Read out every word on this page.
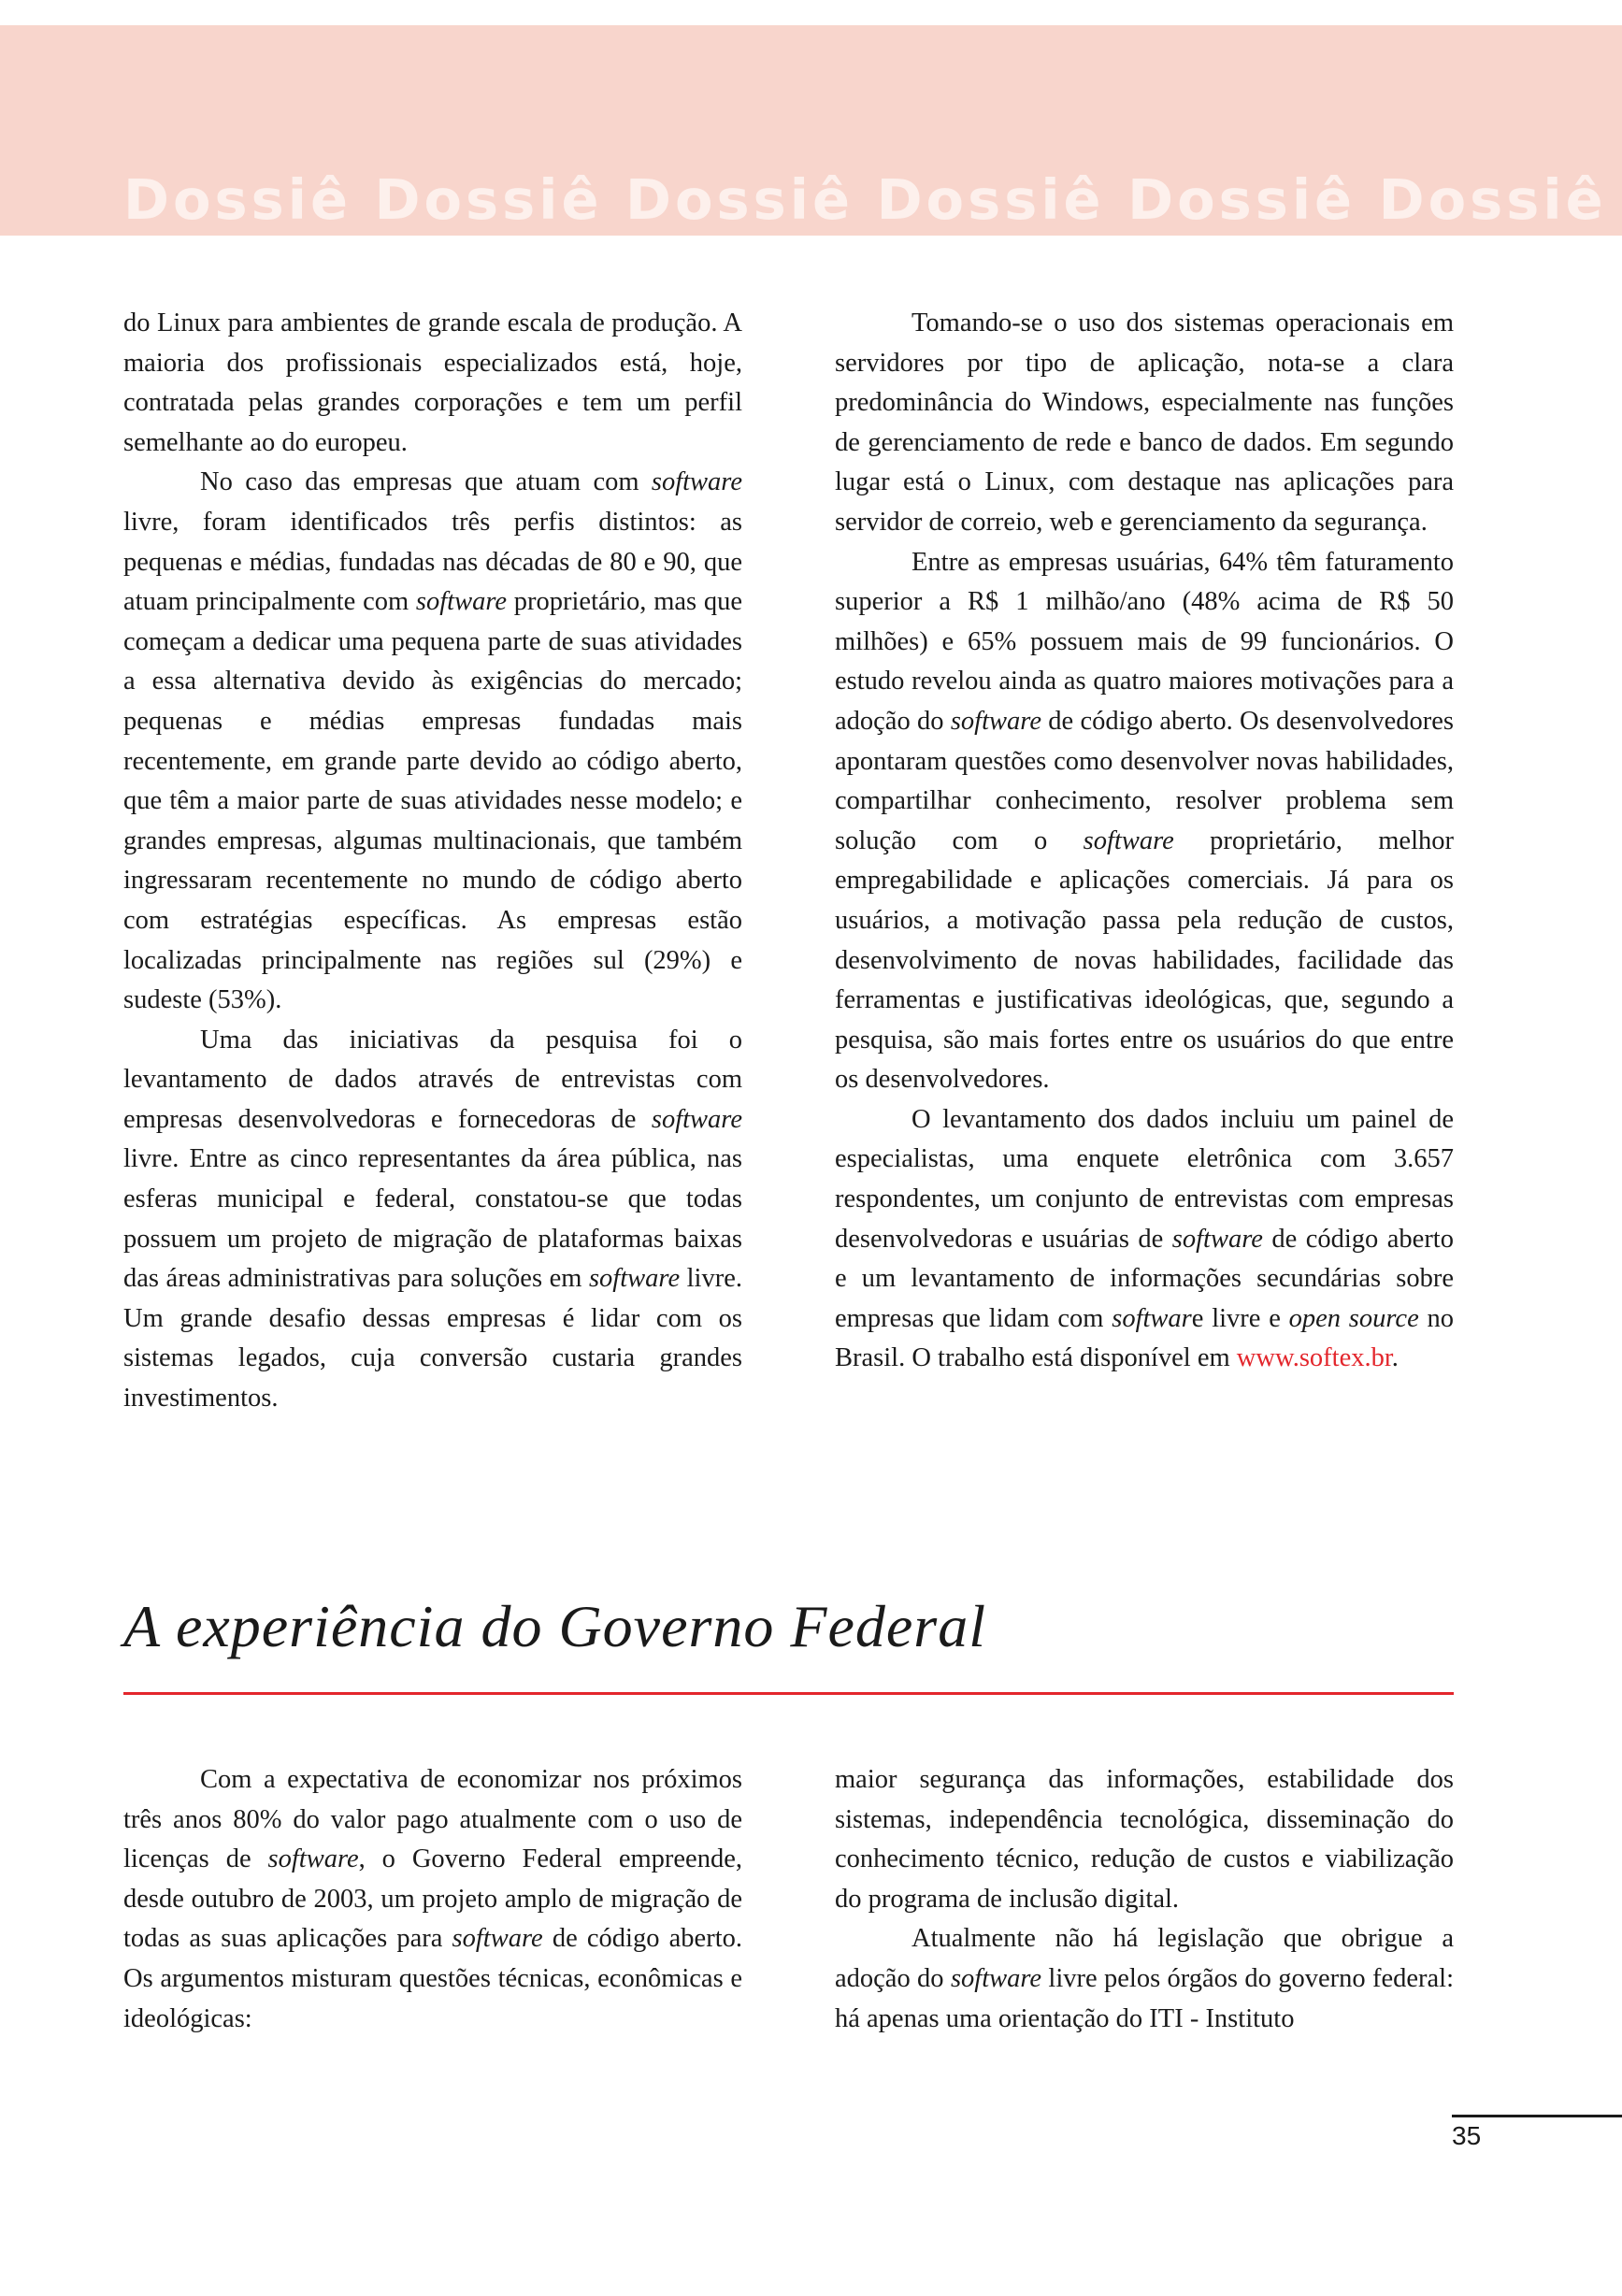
Dossiê Dossiê Dossiê Dossiê Dossiê Dossiê

do Linux para ambientes de grande escala de produção. A maioria dos profissionais especializados está, hoje, contratada pelas grandes corporações e tem um perfil semelhante ao do europeu.

No caso das empresas que atuam com software livre, foram identificados três perfis distintos: as pequenas e médias, fundadas nas décadas de 80 e 90, que atuam principalmente com software proprietário, mas que começam a dedicar uma pequena parte de suas atividades a essa alternativa devido às exigências do mercado; pequenas e médias empresas fundadas mais recentemente, em grande parte devido ao código aberto, que têm a maior parte de suas atividades nesse modelo; e grandes empresas, algumas multinacionais, que também ingressaram recentemente no mundo de código aberto com estratégias específicas. As empresas estão localizadas principalmente nas regiões sul (29%) e sudeste (53%).

Uma das iniciativas da pesquisa foi o levantamento de dados através de entrevistas com empresas desenvolvedoras e fornecedoras de software livre. Entre as cinco representantes da área pública, nas esferas municipal e federal, constatou-se que todas possuem um projeto de migração de plataformas baixas das áreas administrativas para soluções em software livre. Um grande desafio dessas empresas é lidar com os sistemas legados, cuja conversão custaria grandes investimentos.

Tomando-se o uso dos sistemas operacionais em servidores por tipo de aplicação, nota-se a clara predominância do Windows, especialmente nas funções de gerenciamento de rede e banco de dados. Em segundo lugar está o Linux, com destaque nas aplicações para servidor de correio, web e gerenciamento da segurança.

Entre as empresas usuárias, 64% têm faturamento superior a R$ 1 milhão/ano (48% acima de R$ 50 milhões) e 65% possuem mais de 99 funcionários. O estudo revelou ainda as quatro maiores motivações para a adoção do software de código aberto. Os desenvolvedores apontaram questões como desenvolver novas habilidades, compartilhar conhecimento, resolver problema sem solução com o software proprietário, melhor empregabilidade e aplicações comerciais. Já para os usuários, a motivação passa pela redução de custos, desenvolvimento de novas habilidades, facilidade das ferramentas e justificativas ideológicas, que, segundo a pesquisa, são mais fortes entre os usuários do que entre os desenvolvedores.

O levantamento dos dados incluiu um painel de especialistas, uma enquete eletrônica com 3.657 respondentes, um conjunto de entrevistas com empresas desenvolvedoras e usuárias de software de código aberto e um levantamento de informações secundárias sobre empresas que lidam com software livre e open source no Brasil. O trabalho está disponível em www.softex.br.

A experiência do Governo Federal

Com a expectativa de economizar nos próximos três anos 80% do valor pago atualmente com o uso de licenças de software, o Governo Federal empreende, desde outubro de 2003, um projeto amplo de migração de todas as suas aplicações para software de código aberto. Os argumentos misturam questões técnicas, econômicas e ideológicas:

maior segurança das informações, estabilidade dos sistemas, independência tecnológica, disseminação do conhecimento técnico, redução de custos e viabilização do programa de inclusão digital.

Atualmente não há legislação que obrigue a adoção do software livre pelos órgãos do governo federal: há apenas uma orientação do ITI - Instituto

35
